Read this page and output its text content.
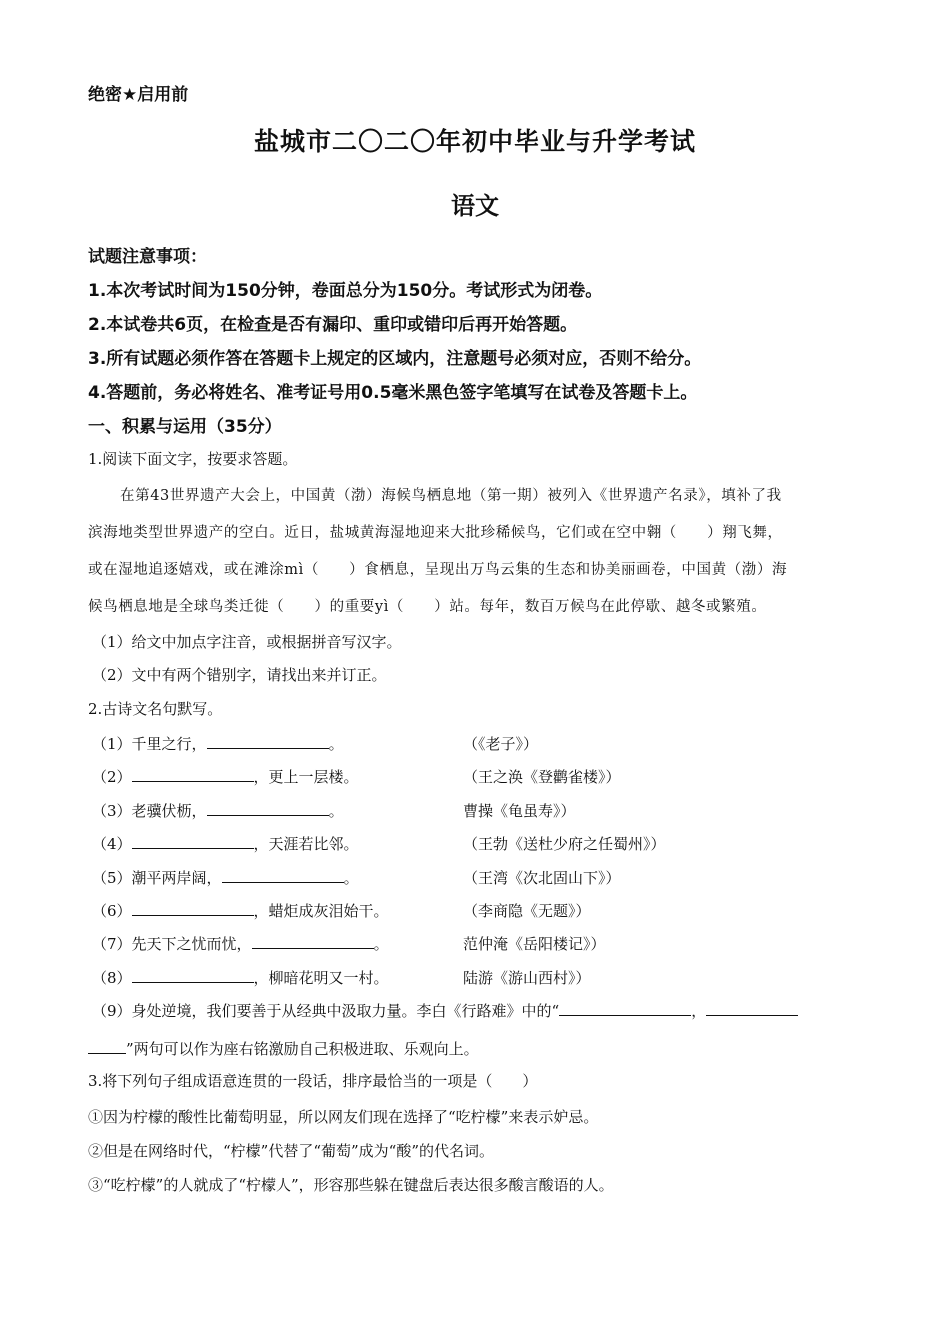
绝密★启用前
盐城市二〇二〇年初中毕业与升学考试
语文
试题注意事项：
1.本次考试时间为150分钟，卷面总分为150分。考试形式为闭卷。
2.本试卷共6页，在检查是否有漏印、重印或错印后再开始答题。
3.所有试题必须作答在答题卡上规定的区域内，注意题号必须对应，否则不给分。
4.答题前，务必将姓名、准考证号用0.5毫米黑色签字笔填写在试卷及答题卡上。
一、积累与运用（35分）
1.阅读下面文字，按要求答题。
在第43世界遗产大会上，中国黄（渤）海候鸟栖息地（第一期）被列入《世界遗产名录》，填补了我
滨海地类型世界遗产的空白。近日，盐城黄海湿地迎来大批珍稀候鸟，它们或在空中翱（　　）翔飞舞，
或在湿地追逐嬉戏，或在滩涂mì（　　）食栖息，呈现出万鸟云集的生态和协美丽画卷，中国黄（渤）海
候鸟栖息地是全球鸟类迁徙（　　）的重要yì（　　）站。每年，数百万候鸟在此停歇、越冬或繁殖。
（1）给文中加点字注音，或根据拼音写汉字。
（2）文中有两个错别字，请找出来并订正。
2.古诗文名句默写。
（1）千里之行，	。	（《老子》）
（2）	，更上一层楼。	（王之涣《登鹳雀楼》）
（3）老骥伏枥，	。	曹操《龟虽寿》）
（4）	，天涯若比邻。	（王勃《送杜少府之任蜀州》）
（5）潮平两岸阔，	。	（王湾《次北固山下》）
（6）	，蜡炬成灰泪始干。	（李商隐《无题》）
（7）先天下之忧而忧，	。	范仲淹《岳阳楼记》）
（8）	，柳暗花明又一村。	陆游《游山西村》）
（9）身处逆境，我们要善于从经典中汲取力量。李白《行路难》中的“	，
”两句可以作为座右铭激励自己积极进取、乐观向上。
3.将下列句子组成语意连贯的一段话，排序最恰当的一项是（　　）
①因为柠檬的酸性比葡萄明显，所以网友们现在选择了“吃柠檬”来表示妒忌。
②但是在网络时代，“柠檬”代替了“葡萄”成为“酸”的代名词。
③“吃柠檬”的人就成了“柠檬人”，形容那些躲在键盘后表达很多酸言酸语的人。
